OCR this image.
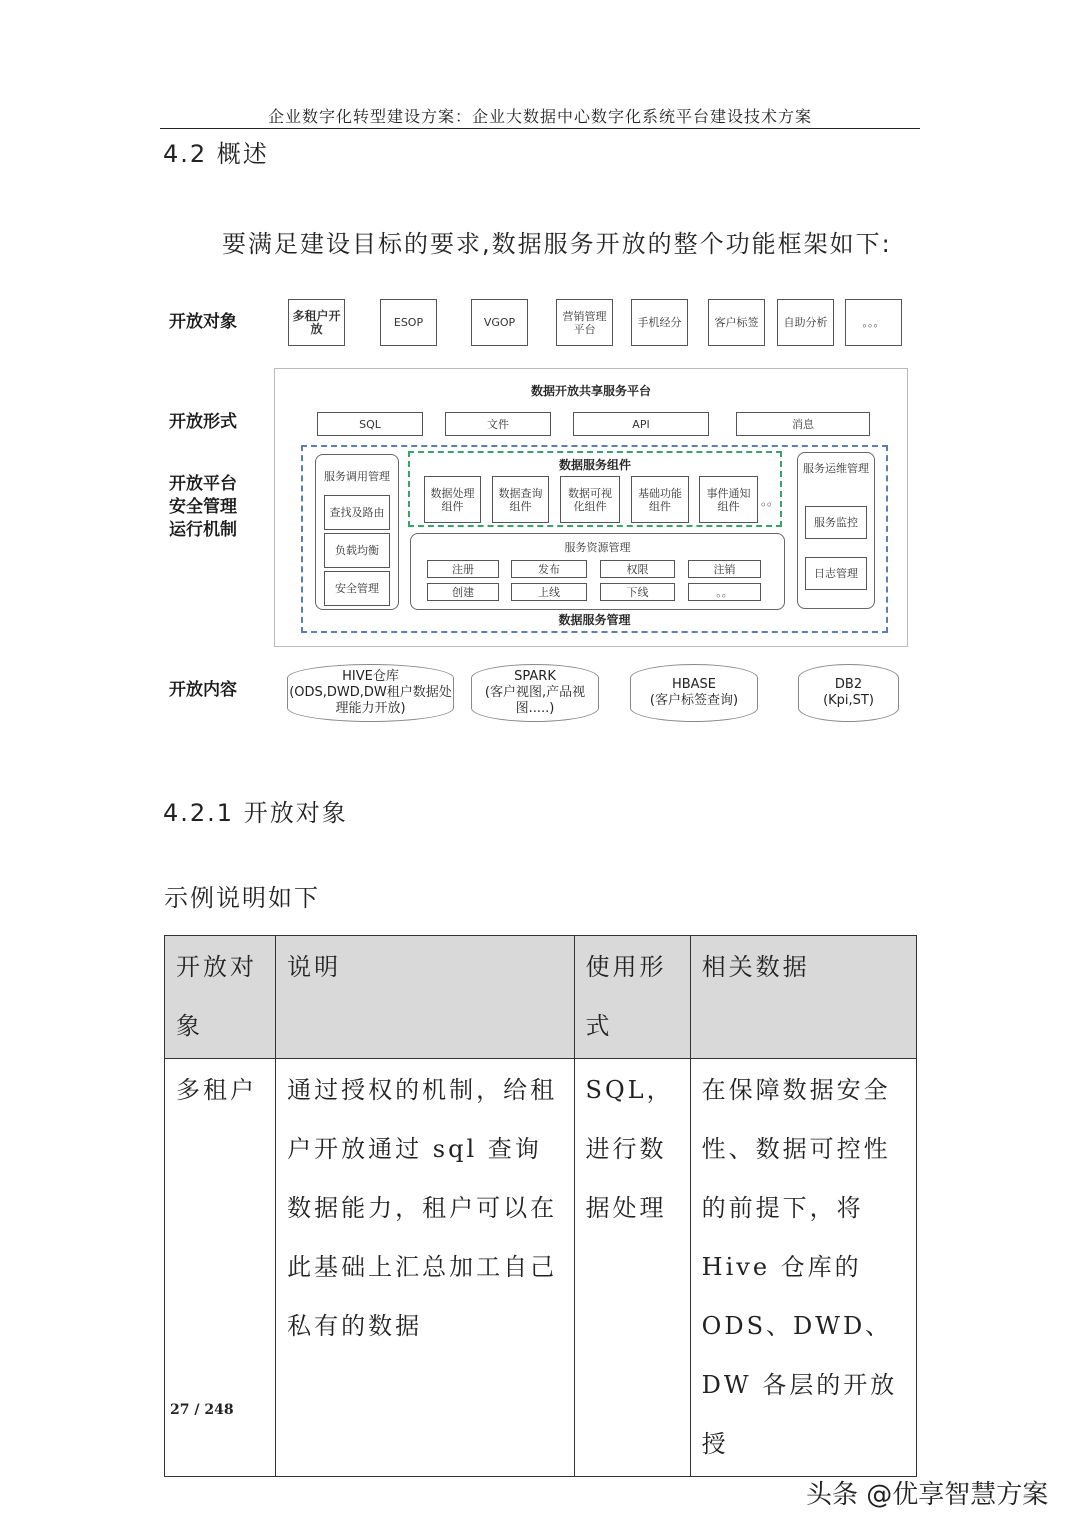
企业数字化转型建设方案：企业大数据中心数字化系统平台建设技术方案
4.2 概述
要满足建设目标的要求,数据服务开放的整个功能框架如下:
开放对象
开放形式
开放平台
安全管理
运行机制
开放内容
多租户开放	ESOP	VGOP	营销管理平台	手机经分	客户标签	自助分析	。。。
数据开放共享服务平台
SQL	文件	API	消息
数据服务管理
服务调用管理
查找及路由
负载均衡
安全管理
数据服务组件
数据处理组件
数据查询组件
数据可视化组件
基础功能组件
事件通知组件	。。
服务资源管理
注册	发布	权限	注销
创建	上线	下线	。。
服务运维管理
服务监控
日志管理
HIVE仓库
(ODS,DWD,DW租户数据处理能力开放)
SPARK
(客户视图,产品视图.....)
HBASE
(客户标签查询)
DB2
(Kpi,ST)
4.2.1 开放对象
示例说明如下
开放对象	说明	使用形式	相关数据
多租户	通过授权的机制，给租户开放通过 sql 查询数据能力，租户可以在此基础上汇总加工自己私有的数据	SQL，进行数据处理	在保障数据安全性、数据可控性的前提下，将 Hive 仓库的 ODS、DWD、DW 各层的开放授
27 / 248
头条 @优享智慧方案
